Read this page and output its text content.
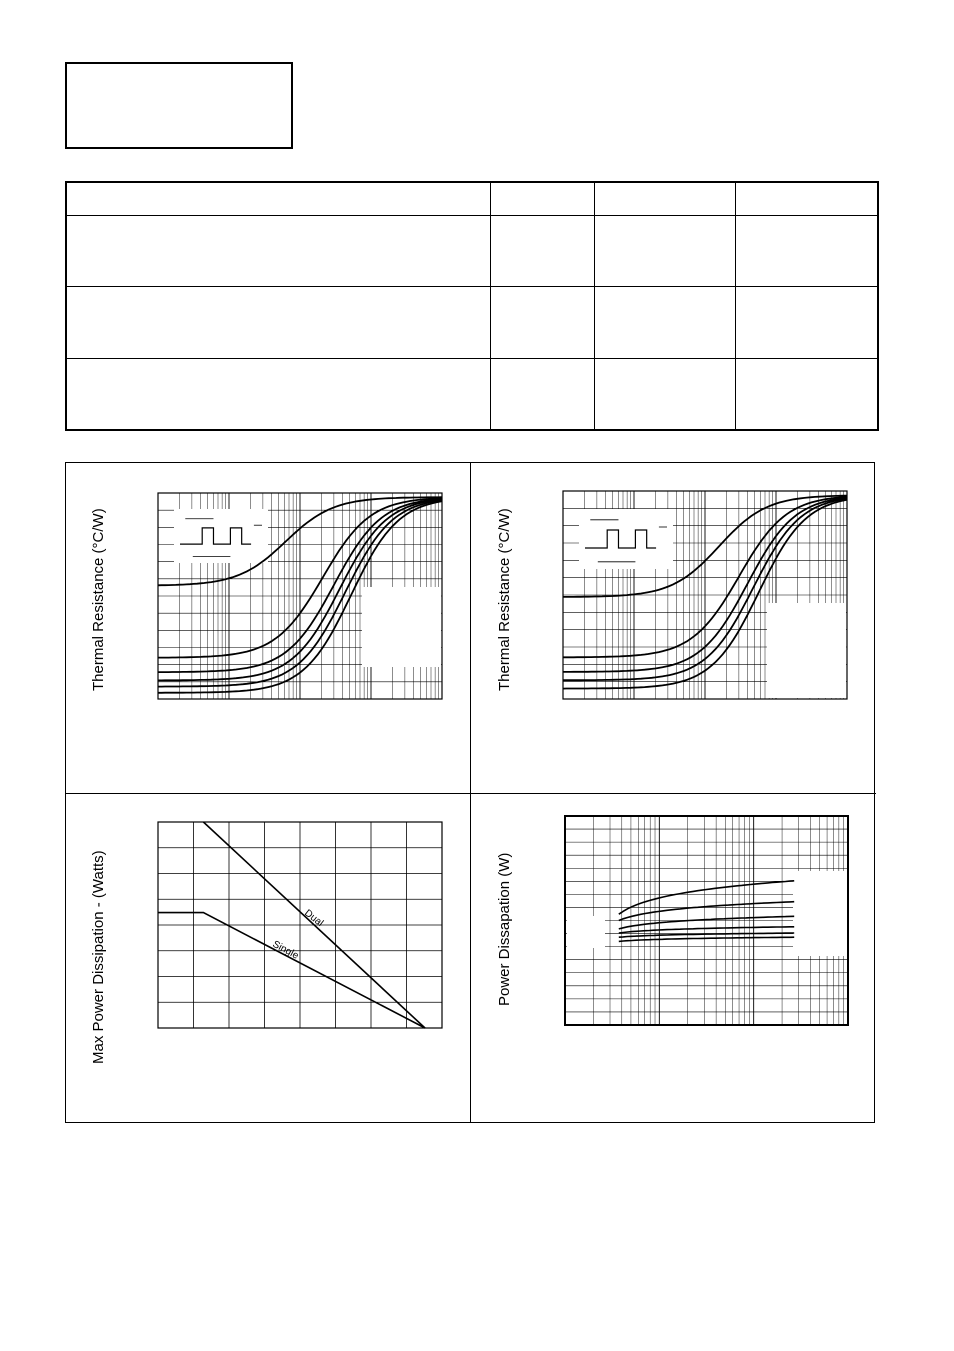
Thermal Resistance (°C/W)	Thermal Resistance (°C/W)
Dual
Single
Max Power Dissipation - (Watts)	Power Dissapation (W)
